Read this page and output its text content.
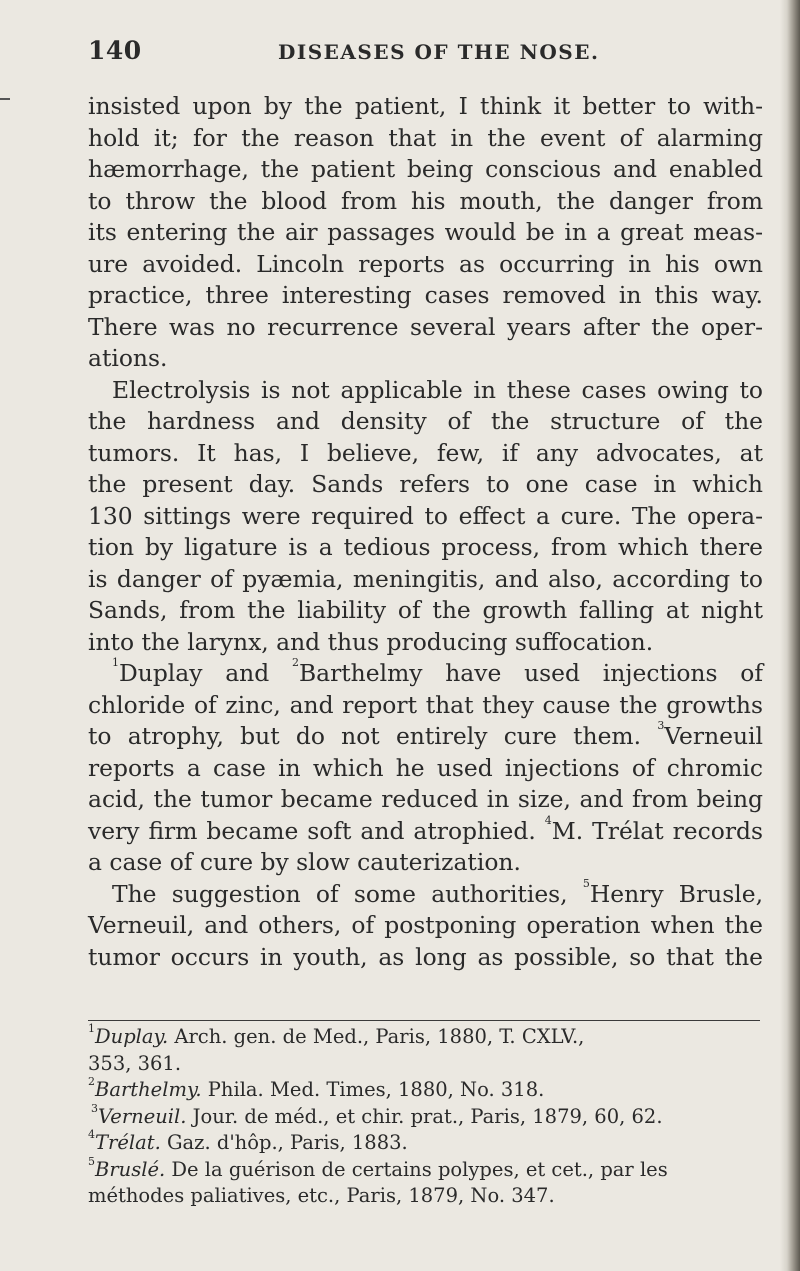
140	DISEASES OF THE NOSE.
insisted upon by the patient, I think it better to with-
hold it; for the reason that in the event of alarming
hæmorrhage, the patient being conscious and enabled
to throw the blood from his mouth, the danger from
its entering the air passages would be in a great meas-
ure avoided. Lincoln reports as occurring in his own
practice, three interesting cases removed in this way.
There was no recurrence several years after the oper-
ations.
Electrolysis is not applicable in these cases owing to
the hardness and density of the structure of the
tumors. It has, I believe, few, if any advocates, at
the present day. Sands refers to one case in which
130 sittings were required to effect a cure. The opera-
tion by ligature is a tedious process, from which there
is danger of pyæmia, meningitis, and also, according to
Sands, from the liability of the growth falling at night
into the larynx, and thus producing suffocation.
$^1$Duplay and $^2$Barthelmy have used injections of
chloride of zinc, and report that they cause the growths
to atrophy, but do not entirely cure them. $^3$Verneuil
reports a case in which he used injections of chromic
acid, the tumor became reduced in size, and from being
very firm became soft and atrophied. $^4$M. Trélat records
a case of cure by slow cauterization.
The suggestion of some authorities, $^5$Henry Brusle,
Verneuil, and others, of postponing operation when the
tumor occurs in youth, as long as possible, so that the
$^1$Duplay. Arch. gen. de Med., Paris, 1880, T. CXLV.,
353, 361.
$^2$Barthelmy. Phila. Med. Times, 1880, No. 318.
$^3$Verneuil. Jour. de méd., et chir. prat., Paris, 1879, 60, 62.
$^4$Trélat. Gaz. d'hôp., Paris, 1883.
$^5$Bruslé. De la guérison de certains polypes, et cet., par les
méthodes paliatives, etc., Paris, 1879, No. 347.
